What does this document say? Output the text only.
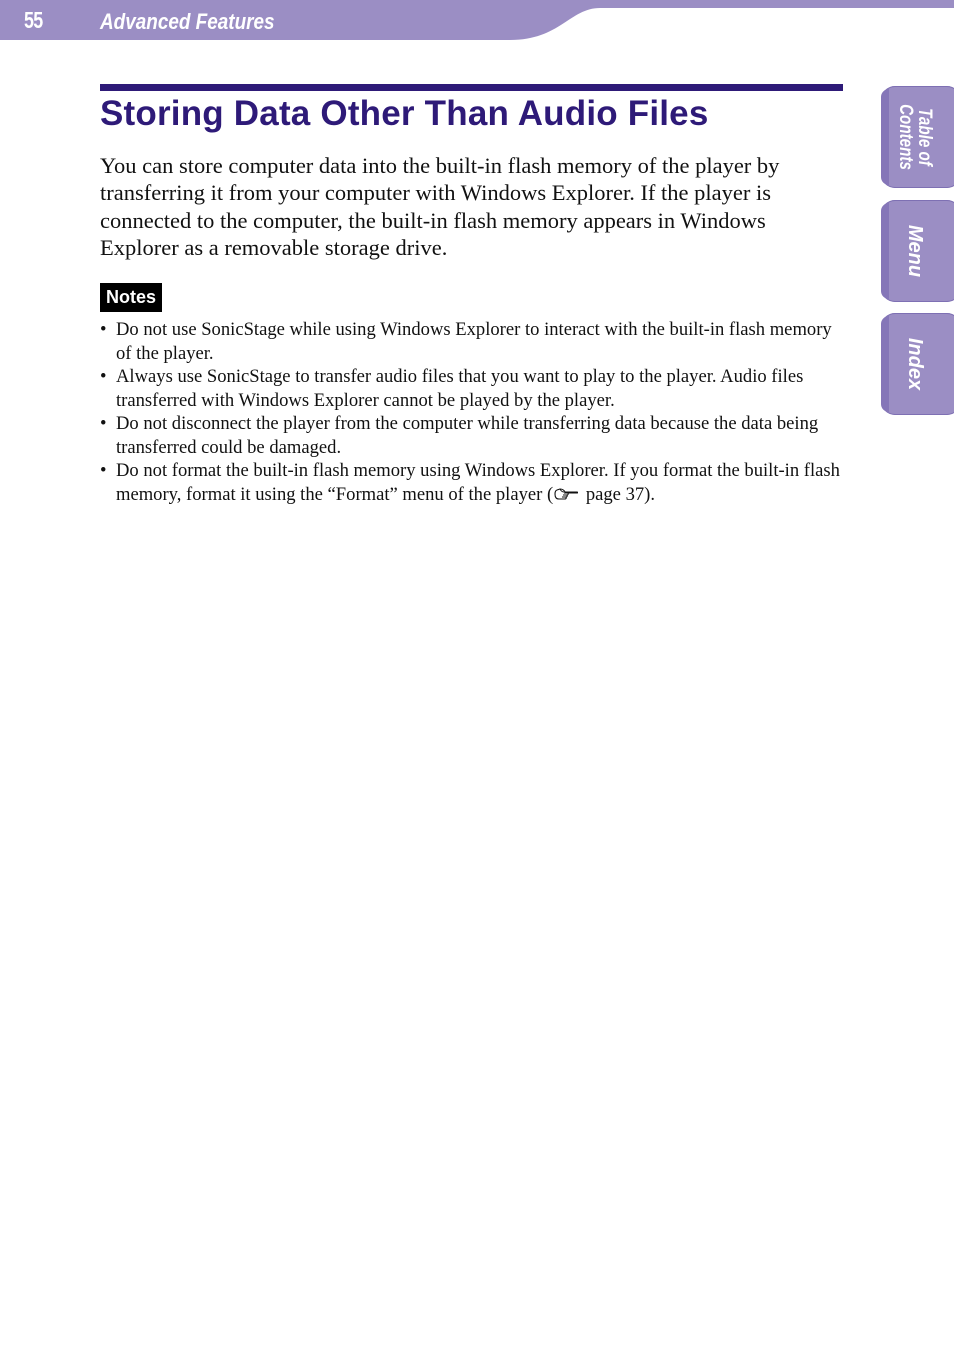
55	Advanced Features
Storing Data Other Than Audio Files

You can store computer data into the built-in flash memory of the player by transferring it from your computer with Windows Explorer. If the player is connected to the computer, the built-in flash memory appears in Windows Explorer as a removable storage drive.

Notes
• Do not use SonicStage while using Windows Explorer to interact with the built-in flash memory of the player.
• Always use SonicStage to transfer audio files that you want to play to the player. Audio files transferred with Windows Explorer cannot be played by the player.
• Do not disconnect the player from the computer while transferring data because the data being transferred could be damaged.
• Do not format the built-in flash memory using Windows Explorer. If you format the built-in flash memory, format it using the “Format” menu of the player ( page 37).
Table of
Contents
Menu
Index
